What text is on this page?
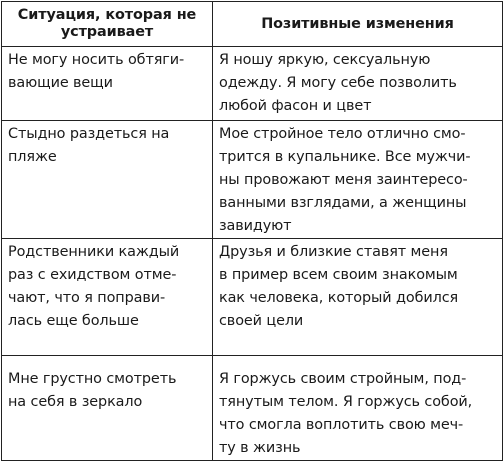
Ситуация, которая не устраивает	Позитивные изменения

Не могу носить обтяги-
вающие вещи	Я ношу яркую, сексуальную
одежду. Я могу себе позволить
любой фасон и цвет

Стыдно раздеться на
пляже	Мое стройное тело отлично смо-
трится в купальнике. Все мужчи-
ны провожают меня заинтересо-
ванными взглядами, а женщины
завидуют

Родственники каждый
раз с ехидством отме-
чают, что я поправи-
лась еще больше	Друзья и близкие ставят меня
в пример всем своим знакомым
как человека, который добился
своей цели

Мне грустно смотреть
на себя в зеркало	Я горжусь своим стройным, под-
тянутым телом. Я горжусь собой,
что смогла воплотить свою меч-
ту в жизнь
